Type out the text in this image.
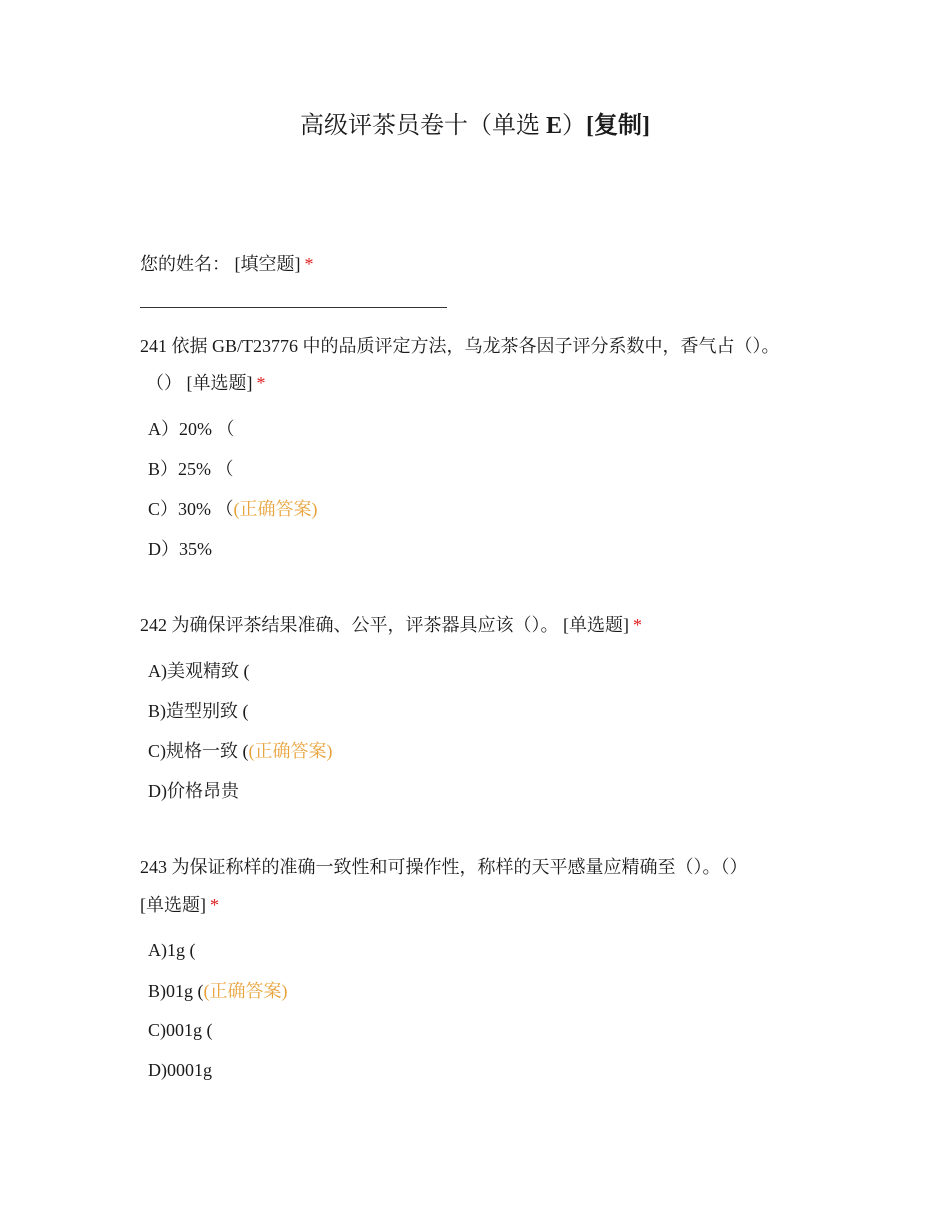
高级评茶员卷十（单选 E）[复制]
您的姓名： [填空题] *
241 依据 GB/T23776 中的品质评定方法，乌龙茶各因子评分系数中，香气占（）。
（） [单选题] *
A）20% （
B）25% （
C）30% （(正确答案)
D）35%
242 为确保评茶结果准确、公平，评茶器具应该（）。 [单选题] *
A)美观精致 (
B)造型别致 (
C)规格一致 ((正确答案)
D)价格昂贵
243 为保证称样的准确一致性和可操作性，称样的天平感量应精确至（）。（）
[单选题] *
A)1g (
B)01g ((正确答案)
C)001g (
D)0001g
